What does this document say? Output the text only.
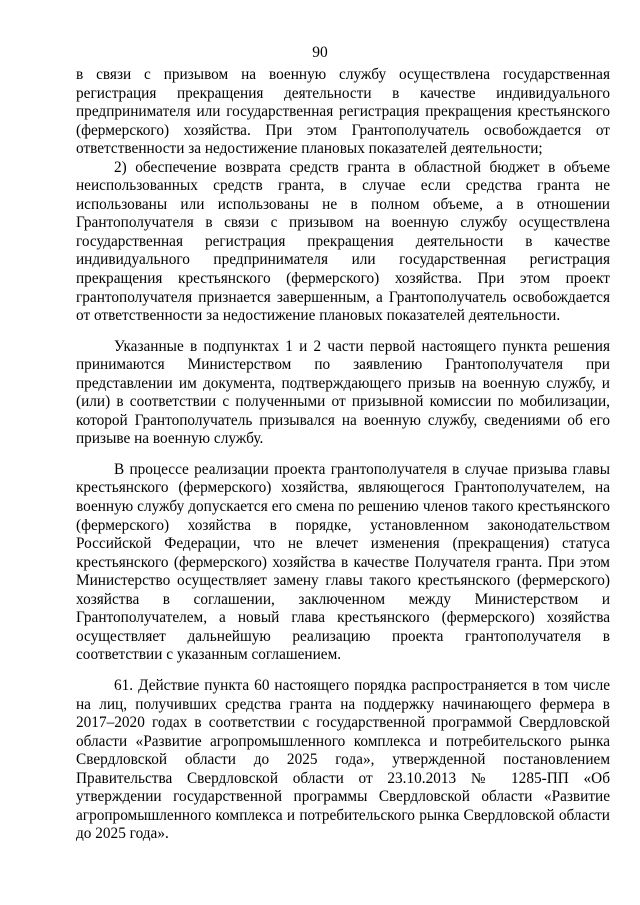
90

в связи с призывом на военную службу осуществлена государственная регистрация прекращения деятельности в качестве индивидуального предпринимателя или государственная регистрация прекращения крестьянского (фермерского) хозяйства. При этом Грантополучатель освобождается от ответственности за недостижение плановых показателей деятельности;

2) обеспечение возврата средств гранта в областной бюджет в объеме неиспользованных средств гранта, в случае если средства гранта не использованы или использованы не в полном объеме, а в отношении Грантополучателя в связи с призывом на военную службу осуществлена государственная регистрация прекращения деятельности в качестве индивидуального предпринимателя или государственная регистрация прекращения крестьянского (фермерского) хозяйства. При этом проект грантополучателя признается завершенным, а Грантополучатель освобождается от ответственности за недостижение плановых показателей деятельности.

Указанные в подпунктах 1 и 2 части первой настоящего пункта решения принимаются Министерством по заявлению Грантополучателя при представлении им документа, подтверждающего призыв на военную службу, и (или) в соответствии с полученными от призывной комиссии по мобилизации, которой Грантополучатель призывался на военную службу, сведениями об его призыве на военную службу.

В процессе реализации проекта грантополучателя в случае призыва главы крестьянского (фермерского) хозяйства, являющегося Грантополучателем, на военную службу допускается его смена по решению членов такого крестьянского (фермерского) хозяйства в порядке, установленном законодательством Российской Федерации, что не влечет изменения (прекращения) статуса крестьянского (фермерского) хозяйства в качестве Получателя гранта. При этом Министерство осуществляет замену главы такого крестьянского (фермерского) хозяйства в соглашении, заключенном между Министерством и Грантополучателем, а новый глава крестьянского (фермерского) хозяйства осуществляет дальнейшую реализацию проекта грантополучателя в соответствии с указанным соглашением.

61. Действие пункта 60 настоящего порядка распространяется в том числе на лиц, получивших средства гранта на поддержку начинающего фермера в 2017–2020 годах в соответствии с государственной программой Свердловской области «Развитие агропромышленного комплекса и потребительского рынка Свердловской области до 2025 года», утвержденной постановлением Правительства Свердловской области от 23.10.2013 № 1285-ПП «Об утверждении государственной программы Свердловской области «Развитие агропромышленного комплекса и потребительского рынка Свердловской области до 2025 года».
